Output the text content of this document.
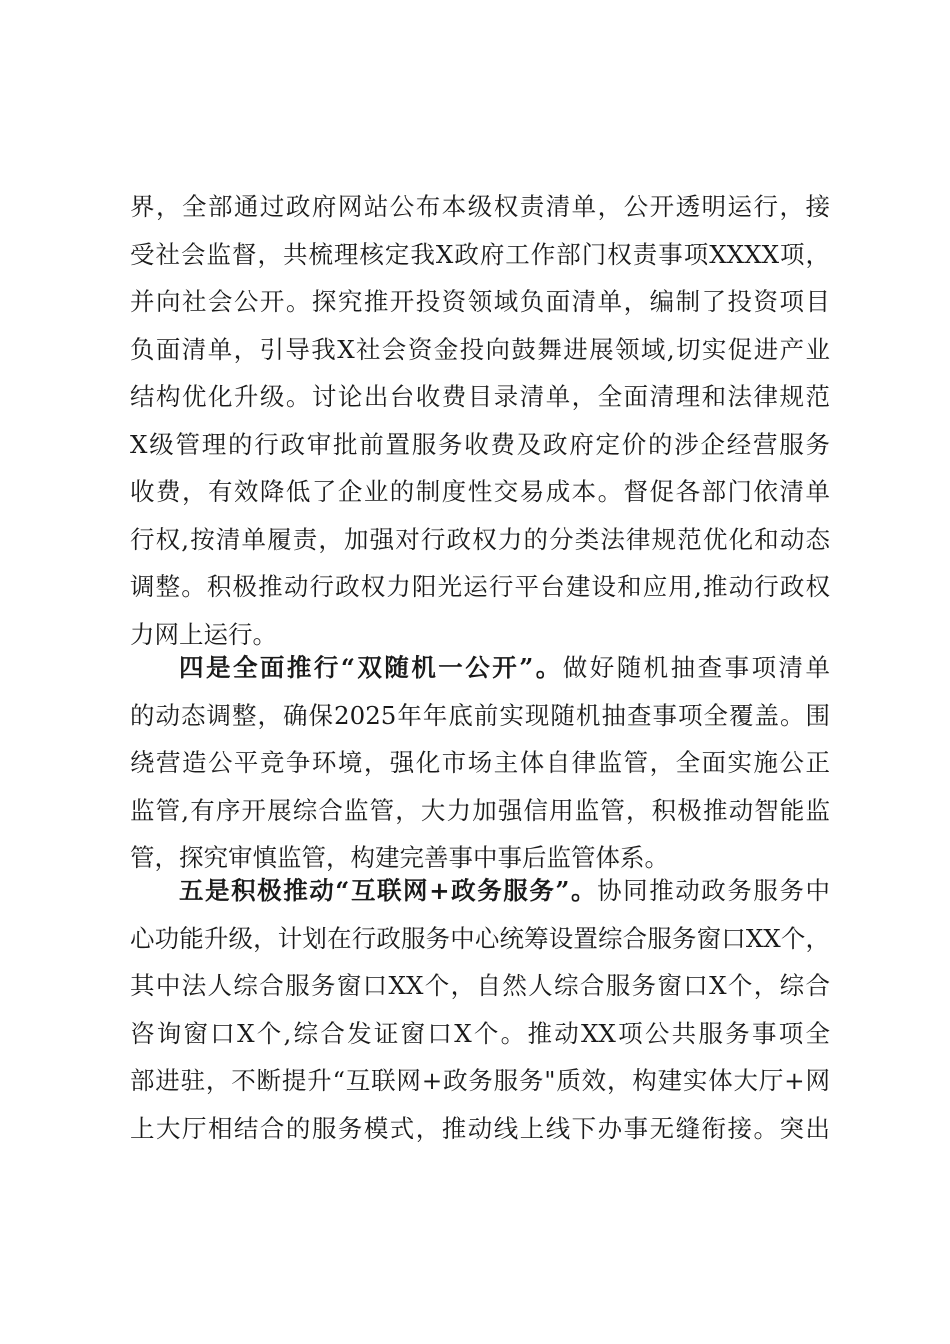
界，全部通过政府网站公布本级权责清单，公开透明运行，接
受社会监督，共梳理核定我X政府工作部门权责事项XXXX项，
并向社会公开。探究推开投资领域负面清单，编制了投资项目
负面清单，引导我X社会资金投向鼓舞进展领域,切实促进产业
结构优化升级。讨论出台收费目录清单，全面清理和法律规范
X级管理的行政审批前置服务收费及政府定价的涉企经营服务
收费，有效降低了企业的制度性交易成本。督促各部门依清单
行权,按清单履责，加强对行政权力的分类法律规范优化和动态
调整。积极推动行政权力阳光运行平台建设和应用,推动行政权
力网上运行。
四是全面推行“双随机一公开”。做好随机抽查事项清单
的动态调整，确保2025年年底前实现随机抽查事项全覆盖。围
绕营造公平竞争环境，强化市场主体自律监管，全面实施公正
监管,有序开展综合监管，大力加强信用监管，积极推动智能监
管，探究审慎监管，构建完善事中事后监管体系。
五是积极推动“互联网+政务服务”。协同推动政务服务中
心功能升级，计划在行政服务中心统筹设置综合服务窗口XX个，
其中法人综合服务窗口XX个，自然人综合服务窗口X个，综合
咨询窗口X个,综合发证窗口X个。推动XX项公共服务事项全
部进驻，不断提升“互联网+政务服务"质效，构建实体大厅+网
上大厅相结合的服务模式，推动线上线下办事无缝衔接。突出
